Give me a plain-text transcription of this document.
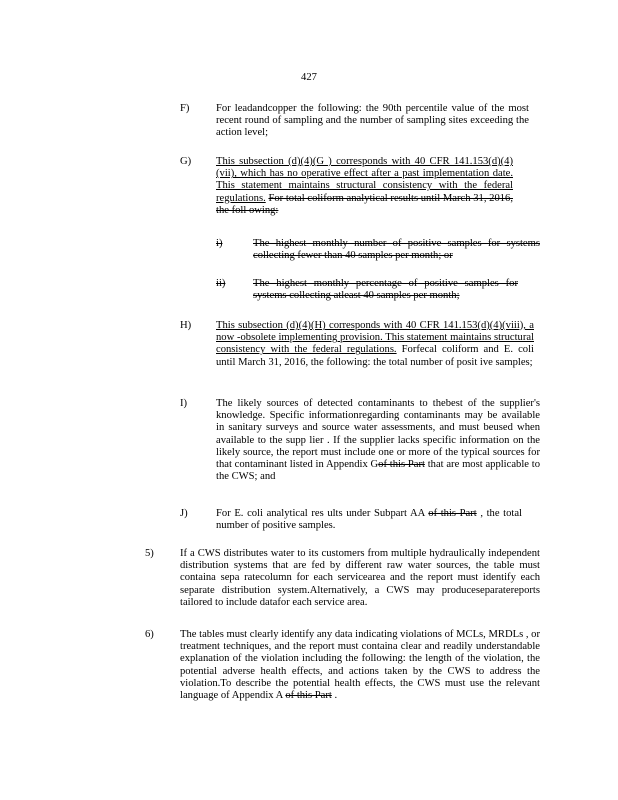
427
F)	For leadandcopper the following: the 90th percentile value of the most recent round of sampling and the number of sampling sites exceeding the action level;
G) This subsection (d)(4)(G ) corresponds with 40 CFR 141.153(d)(4)(vii), which has no operative effect after a past implementation date. This statement maintains structural consistency with the federal regulations. For total coliform analytical results until March 31, 2016, the foll owing:
i)	The highest monthly number of positive samples for systems collecting fewer than 40 samples per month; or
ii)	The highest monthly percentage of positive samples for systems collecting atleast 40 samples per month;
H) This subsection (d)(4)(H) corresponds with 40 CFR 141.153(d)(4)(viii), a now -obsolete implementing provision. This statement maintains structural consistency with the federal regulations. Forfecal coliform and E. coli until March 31, 2016, the following: the total number of posit ive samples;
I)	The likely sources of detected contaminants to thebest of the supplier's knowledge. Specific informationregarding contaminants may be available in sanitary surveys and source water assessments, and must beused when available to the supp lier . If the supplier lacks specific information on the likely source, the report must include one or more of the typical sources for that contaminant listed in Appendix Gof this Part that are most applicable to the CWS; and
J)	For E. coli analytical res ults under Subpart AA of this Part , the total number of positive samples.
5) If a CWS distributes water to its customers from multiple hydraulically independent distribution systems that are fed by different raw water sources, the table must containa sepa ratecolumn for each servicearea and the report must identify each separate distribution system.Alternatively, a CWS may produceseparatereports tailored to include datafor each service area.
6) The tables must clearly identify any data indicating violations of MCLs, MRDLs , or treatment techniques, and the report must containa clear and readily understandable explanation of the violation including the following: the length of the violation, the potential adverse health effects, and actions taken by the CWS to address the violation.To describe the potential health effects, the CWS must use the relevant language of Appendix A of this Part .
